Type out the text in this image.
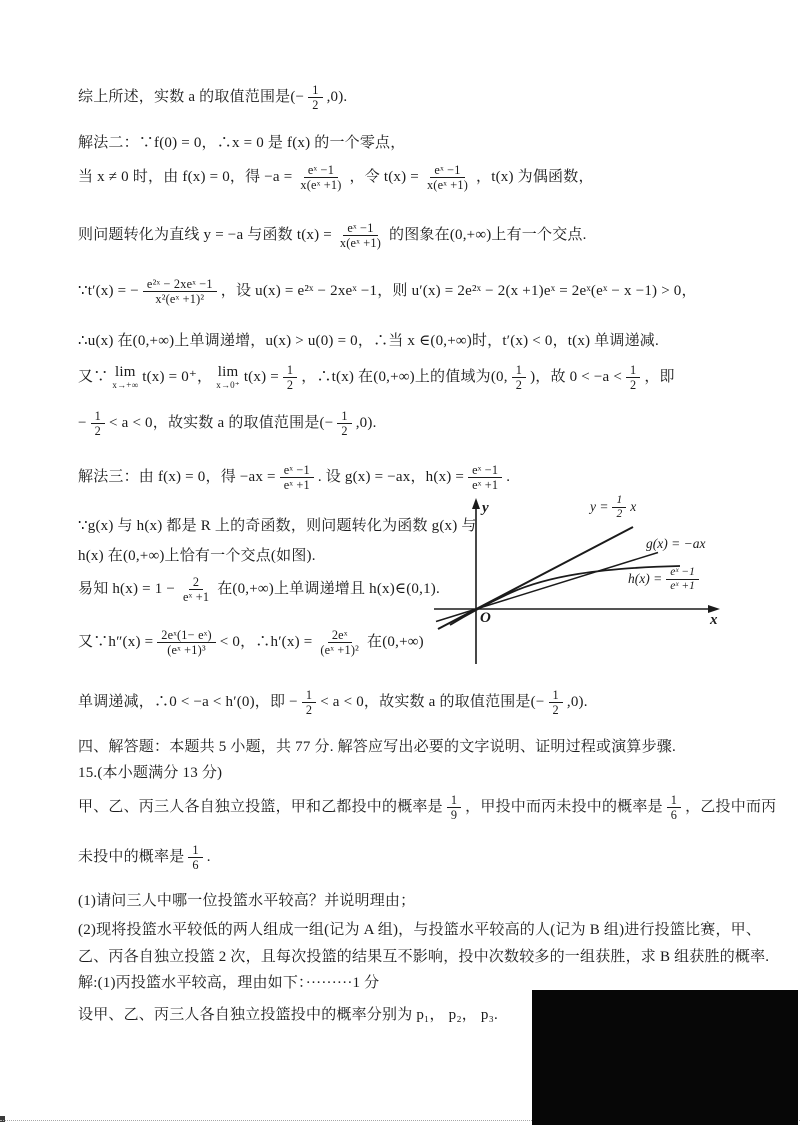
综上所述，实数 a 的取值范围是(− $\frac{1}{2} ,0$).
解法二：∵f(0) = 0，∴x = 0 是 f(x) 的一个零点，
当 x ≠ 0 时，由 f(x) = 0，得 $-a = \frac{\text{eˣ −1}}{\text{x(eˣ +1)}}$ ，令 $t(x) = \frac{\text{eˣ −1}}{\text{x(eˣ +1)}}$ ，t(x) 为偶函数，
则问题转化为直线 y = −a 与函数 $t(x) = \frac{\text{eˣ −1}}{\text{x(eˣ +1)}}$ 的图象在(0,+∞)上有一个交点.
∵t′(x) = − $\frac{\text{e²ˣ − 2xeˣ −1}}{\text{x²(eˣ +1)²}}$ ，设 u(x) = e²ˣ − 2xeˣ −1，则 u′(x) = 2e²ˣ − 2(x +1)eˣ = 2eˣ(eˣ − x −1) > 0，
∴u(x) 在(0,+∞)上单调递增，u(x) > u(0) = 0，∴当 x ∈(0,+∞)时，t′(x) < 0，t(x) 单调递减.
又∵ lim
x→+∞ t(x) = 0⁺， lim
x→0⁺ $t(x) = \frac{1}{2}$ ，∴t(x) 在(0,+∞)上的值域为(0, $\frac{1}{2}$ )，故 $0 < -a < \frac{1}{2}$ ，即
− $\frac{1}{2} < a < 0$，故实数 a 的取值范围是(− $\frac{1}{2} ,0$).
解法三：由 f(x) = 0，得 $-ax = \frac{\text{eˣ −1}}{\text{eˣ +1}}$ . 设 g(x) = −ax，$h(x) = \frac{\text{eˣ −1}}{\text{eˣ +1}}$ .
∵g(x) 与 h(x) 都是 R 上的奇函数，则问题转化为函数 g(x) 与
h(x) 在(0,+∞)上恰有一个交点(如图).
易知 $h(x) = 1 - \frac{2}{\text{eˣ +1}}$ 在(0,+∞)上单调递增且 h(x)∈(0,1).
又∵h″(x) = $\frac{\text{2eˣ(1− eˣ)}}{\text{(eˣ +1)³}} < 0$，∴h′(x) = $\frac{\text{2eˣ}}{\text{(eˣ +1)²}}$ 在(0,+∞)
单调递减，∴0 < −a < h′(0)，即 − $\frac{1}{2} < a < 0$，故实数 a 的取值范围是(− $\frac{1}{2} ,0$).
四、解答题：本题共 5 小题，共 77 分. 解答应写出必要的文字说明、证明过程或演算步骤.
15.(本小题满分 13 分)
甲、乙、丙三人各自独立投篮，甲和乙都投中的概率是 $\frac{1}{9}$ ，甲投中而丙未投中的概率是 $\frac{1}{6}$ ，乙投中而丙
未投中的概率是 $\frac{1}{6}$ .
(1)请问三人中哪一位投篮水平较高？并说明理由；
(2)现将投篮水平较低的两人组成一组(记为 A 组)，与投篮水平较高的人(记为 B 组)进行投篮比赛，甲、
乙、丙各自独立投篮 2 次，且每次投篮的结果互不影响，投中次数较多的一组获胜，求 B 组获胜的概率.
解:(1)丙投篮水平较高，理由如下：·········1 分
设甲、乙、丙三人各自独立投篮投中的概率分别为 p₁， p₂， p₃.
y
x
O
$y = \frac{1}{2}$ x
g(x) = −ax
$h(x) = \frac{\text{eˣ −1}}{\text{eˣ +1}}$
